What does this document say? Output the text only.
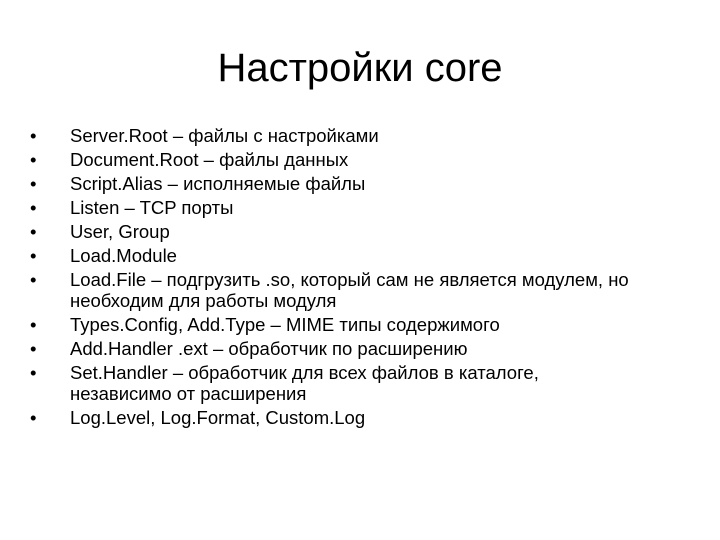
Настройки core
• Server.Root – файлы с настройками
• Document.Root – файлы данных
• Script.Alias – исполняемые файлы
• Listen – TCP порты
• User, Group
• Load.Module
• Load.File – подгрузить .so, который сам не является модулем, но
необходим для работы модуля
• Types.Config, Add.Type – MIME типы содержимого
• Add.Handler .ext – обработчик по расширению
• Set.Handler – обработчик для всех файлов в каталоге,
независимо от расширения
• Log.Level, Log.Format, Custom.Log
